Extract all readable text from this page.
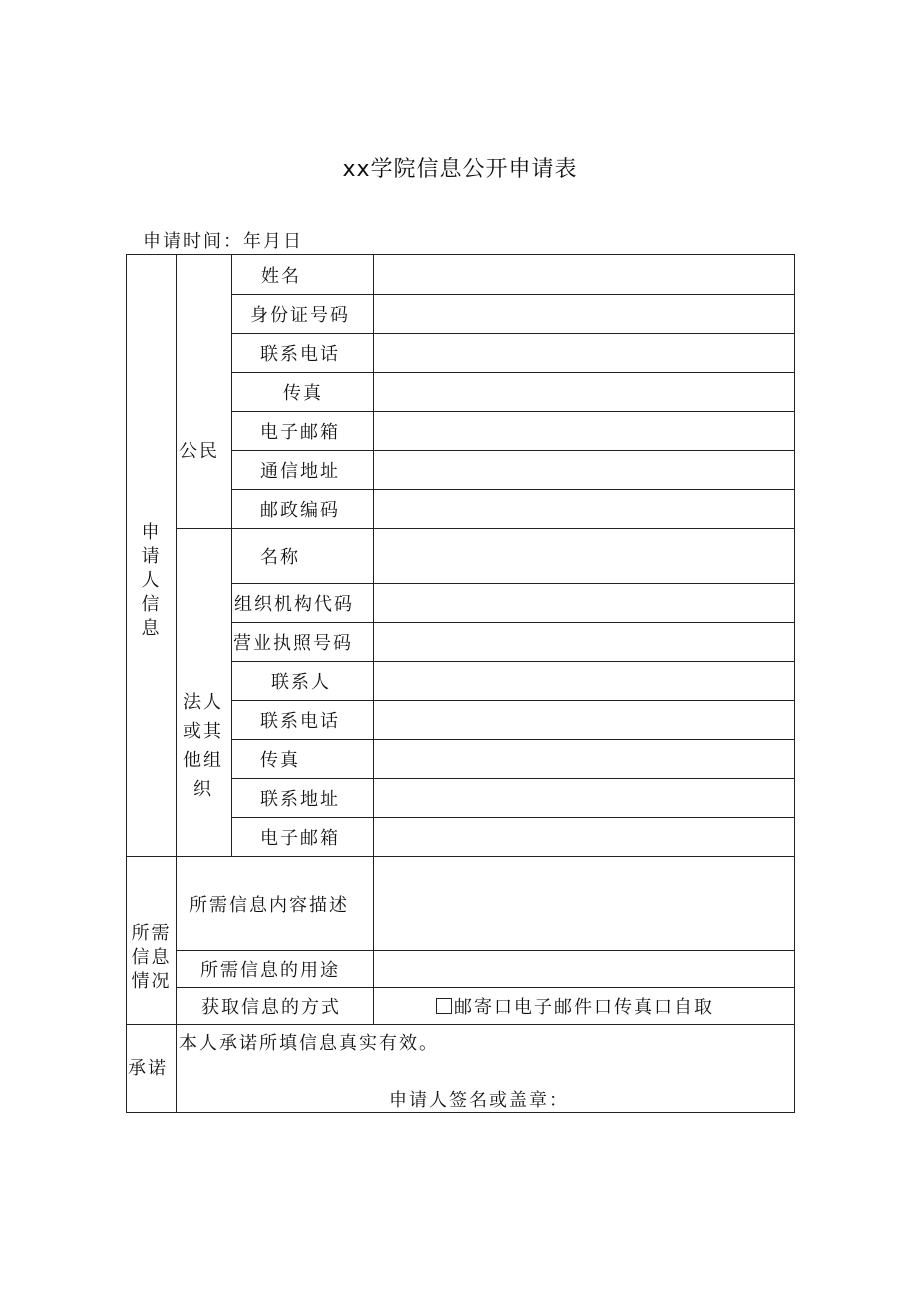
xx学院信息公开申请表
申请时间：年月日
申请人信息	公民	姓名	
		身份证号码	
		联系电话	
		传真	
		电子邮箱	
		通信地址	
		邮政编码	
	法人或其他组织	名称	
		组织机构代码	
		营业执照号码	
		联系人	
		联系电话	
		传真	
		联系地址	
		电子邮箱	
所需信息情况	所需信息内容描述		
	所需信息的用途		
	获取信息的方式		邮寄口电子邮件口传真口自取
承诺	本人承诺所填信息真实有效。
申请人签名或盖章：		
